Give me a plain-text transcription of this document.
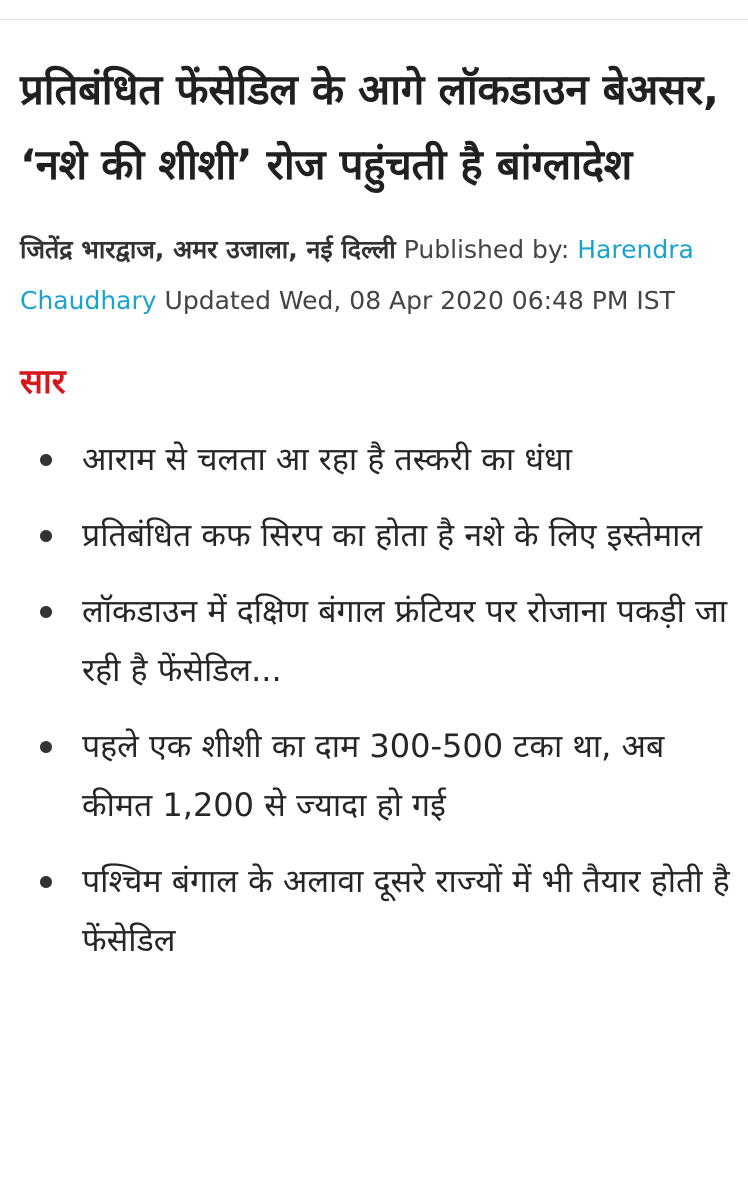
प्रतिबंधित फेंसेडिल के आगे लॉकडाउन बेअसर, ‘नशे की शीशी’ रोज पहुंचती है बांग्लादेश
जितेंद्र भारद्वाज, अमर उजाला, नई दिल्ली Published by: Harendra Chaudhary Updated Wed, 08 Apr 2020 06:48 PM IST
सार
आराम से चलता आ रहा है तस्करी का धंधा
प्रतिबंधित कफ सिरप का होता है नशे के लिए इस्तेमाल
लॉकडाउन में दक्षिण बंगाल फ्रंटियर पर रोजाना पकड़ी जा रही है फेंसेडिल...
पहले एक शीशी का दाम 300-500 टका था, अब कीमत 1,200 से ज्यादा हो गई
पश्चिम बंगाल के अलावा दूसरे राज्यों में भी तैयार होती है फेंसेडिल
